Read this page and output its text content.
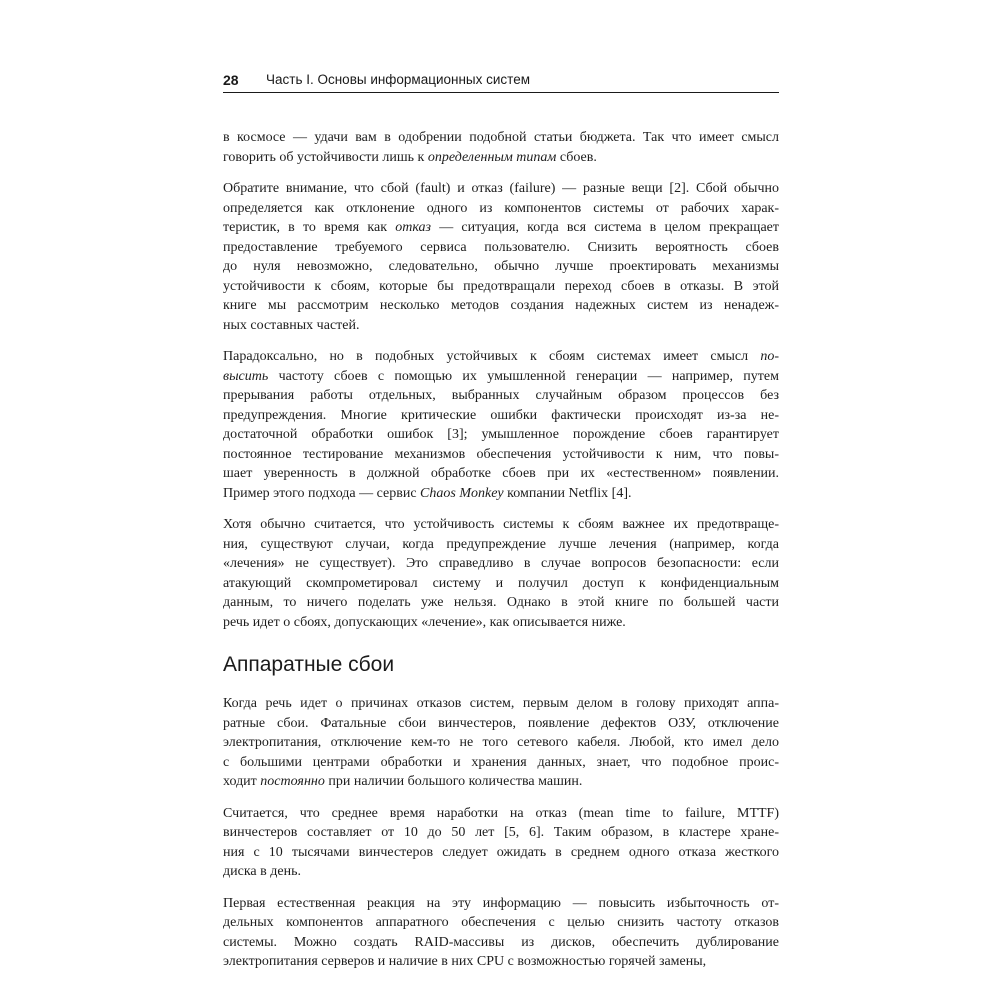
28 Часть I. Основы информационных систем

в космосе — удачи вам в одобрении подобной статьи бюджета. Так что имеет смысл
говорить об устойчивости лишь к определенным типам сбоев.

Обратите внимание, что сбой (fault) и отказ (failure) — разные вещи [2]. Сбой обычно
определяется как отклонение одного из компонентов системы от рабочих харак-
теристик, в то время как отказ — ситуация, когда вся система в целом прекращает
предоставление требуемого сервиса пользователю. Снизить вероятность сбоев
до нуля невозможно, следовательно, обычно лучше проектировать механизмы
устойчивости к сбоям, которые бы предотвращали переход сбоев в отказы. В этой
книге мы рассмотрим несколько методов создания надежных систем из ненадеж-
ных составных частей.

Парадоксально, но в подобных устойчивых к сбоям системах имеет смысл по-
высить частоту сбоев с помощью их умышленной генерации — например, путем
прерывания работы отдельных, выбранных случайным образом процессов без
предупреждения. Многие критические ошибки фактически происходят из-за не-
достаточной обработки ошибок [3]; умышленное порождение сбоев гарантирует
постоянное тестирование механизмов обеспечения устойчивости к ним, что повы-
шает уверенность в должной обработке сбоев при их «естественном» появлении.
Пример этого подхода — сервис Chaos Monkey компании Netflix [4].

Хотя обычно считается, что устойчивость системы к сбоям важнее их предотвраще-
ния, существуют случаи, когда предупреждение лучше лечения (например, когда
«лечения» не существует). Это справедливо в случае вопросов безопасности: если
атакующий скомпрометировал систему и получил доступ к конфиденциальным
данным, то ничего поделать уже нельзя. Однако в этой книге по большей части
речь идет о сбоях, допускающих «лечение», как описывается ниже.

Аппаратные сбои

Когда речь идет о причинах отказов систем, первым делом в голову приходят аппа-
ратные сбои. Фатальные сбои винчестеров, появление дефектов ОЗУ, отключение
электропитания, отключение кем-то не того сетевого кабеля. Любой, кто имел дело
с большими центрами обработки и хранения данных, знает, что подобное проис-
ходит постоянно при наличии большого количества машин.

Считается, что среднее время наработки на отказ (mean time to failure, MTTF)
винчестеров составляет от 10 до 50 лет [5, 6]. Таким образом, в кластере хране-
ния с 10 тысячами винчестеров следует ожидать в среднем одного отказа жесткого
диска в день.

Первая естественная реакция на эту информацию — повысить избыточность от-
дельных компонентов аппаратного обеспечения с целью снизить частоту отказов
системы. Можно создать RAID-массивы из дисков, обеспечить дублирование
электропитания серверов и наличие в них CPU с возможностью горячей замены,
